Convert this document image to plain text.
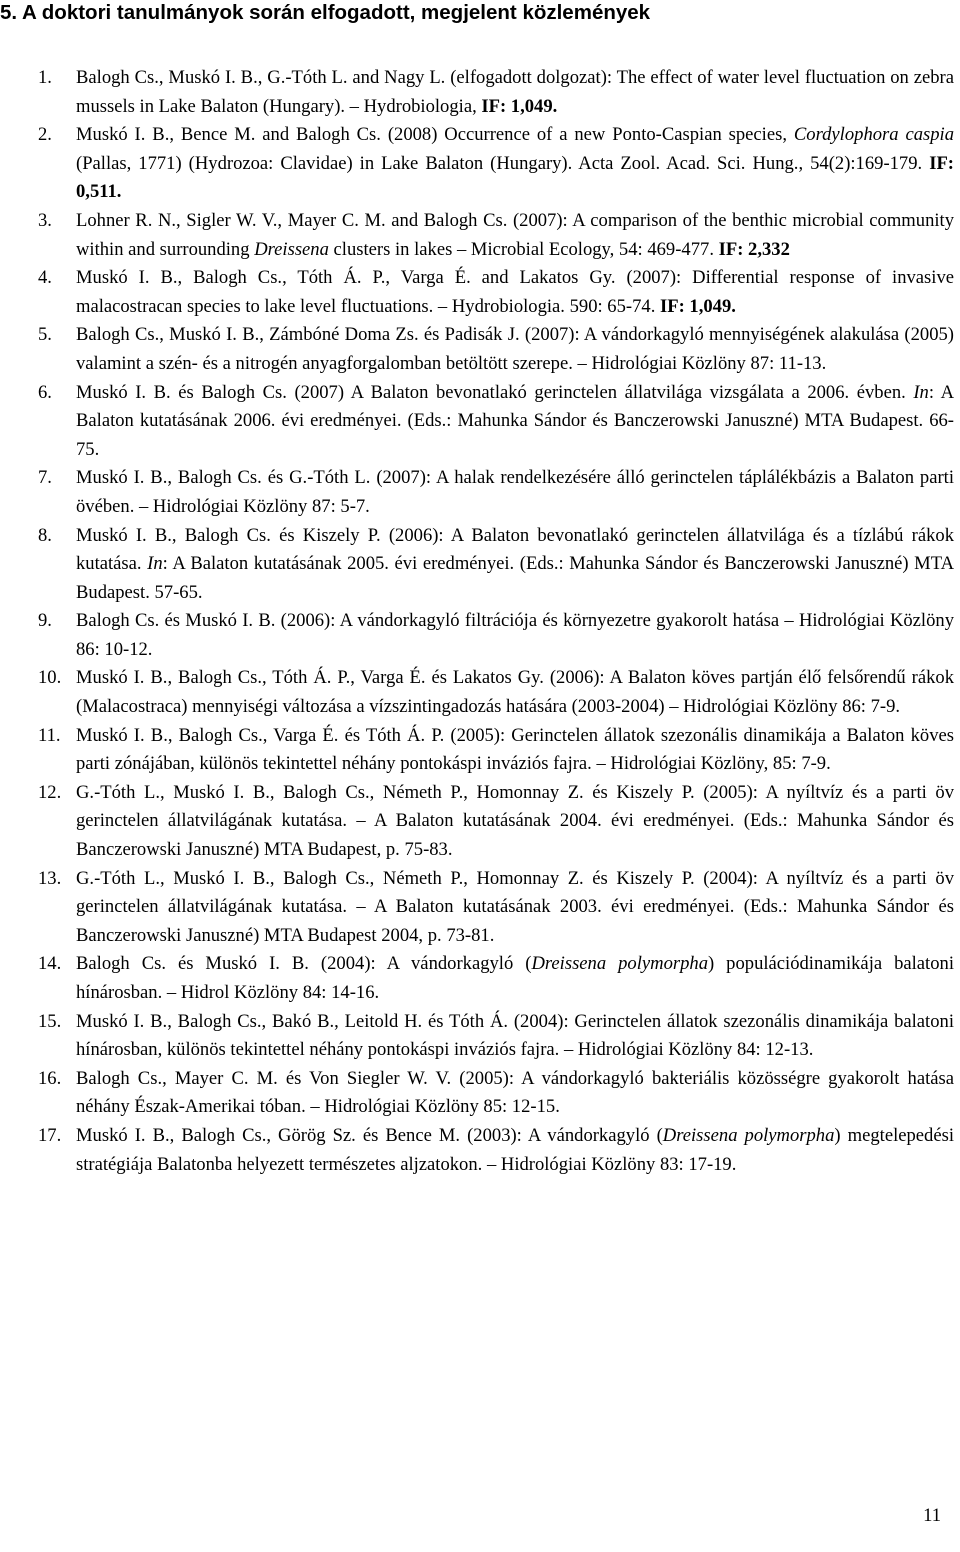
5. A doktori tanulmányok során elfogadott, megjelent közlemények
1. Balogh Cs., Muskó I. B., G.-Tóth L. and Nagy L. (elfogadott dolgozat): The effect of water level fluctuation on zebra mussels in Lake Balaton (Hungary). – Hydrobiologia, IF: 1,049.
2. Muskó I. B., Bence M. and Balogh Cs. (2008) Occurrence of a new Ponto-Caspian species, Cordylophora caspia (Pallas, 1771) (Hydrozoa: Clavidae) in Lake Balaton (Hungary). Acta Zool. Acad. Sci. Hung., 54(2):169-179. IF: 0,511.
3. Lohner R. N., Sigler W. V., Mayer C. M. and Balogh Cs. (2007): A comparison of the benthic microbial community within and surrounding Dreissena clusters in lakes – Microbial Ecology, 54: 469-477. IF: 2,332
4. Muskó I. B., Balogh Cs., Tóth Á. P., Varga É. and Lakatos Gy. (2007): Differential response of invasive malacostracan species to lake level fluctuations. – Hydrobiologia. 590: 65-74. IF: 1,049.
5. Balogh Cs., Muskó I. B., Zámbóné Doma Zs. és Padisák J. (2007): A vándorkagyló mennyiségének alakulása (2005) valamint a szén- és a nitrogén anyagforgalomban betöltött szerepe. – Hidrológiai Közlöny 87: 11-13.
6. Muskó I. B. és Balogh Cs. (2007) A Balaton bevonatlakó gerinctelen állatvilága vizsgálata a 2006. évben. In: A Balaton kutatásának 2006. évi eredményei. (Eds.: Mahunka Sándor és Banczerowski Januszné) MTA Budapest. 66-75.
7. Muskó I. B., Balogh Cs. és G.-Tóth L. (2007): A halak rendelkezésére álló gerinctelen táplálékbázis a Balaton parti övében. – Hidrológiai Közlöny 87: 5-7.
8. Muskó I. B., Balogh Cs. és Kiszely P. (2006): A Balaton bevonatlakó gerinctelen állatvilága és a tízlábú rákok kutatása. In: A Balaton kutatásának 2005. évi eredményei. (Eds.: Mahunka Sándor és Banczerowski Januszné) MTA Budapest. 57-65.
9. Balogh Cs. és Muskó I. B. (2006): A vándorkagyló filtrációja és környezetre gyakorolt hatása – Hidrológiai Közlöny 86: 10-12.
10. Muskó I. B., Balogh Cs., Tóth Á. P., Varga É. és Lakatos Gy. (2006): A Balaton köves partján élő felsőrendű rákok (Malacostraca) mennyiségi változása a vízszintingadozás hatására (2003-2004) – Hidrológiai Közlöny 86: 7-9.
11. Muskó I. B., Balogh Cs., Varga É. és Tóth Á. P. (2005): Gerinctelen állatok szezonális dinamikája a Balaton köves parti zónájában, különös tekintettel néhány pontokáspi inváziós fajra. – Hidrológiai Közlöny, 85: 7-9.
12. G.-Tóth L., Muskó I. B., Balogh Cs., Németh P., Homonnay Z. és Kiszely P. (2005): A nyíltvíz és a parti öv gerinctelen állatvilágának kutatása. – A Balaton kutatásának 2004. évi eredményei. (Eds.: Mahunka Sándor és Banczerowski Januszné) MTA Budapest, p. 75-83.
13. G.-Tóth L., Muskó I. B., Balogh Cs., Németh P., Homonnay Z. és Kiszely P. (2004): A nyíltvíz és a parti öv gerinctelen állatvilágának kutatása. – A Balaton kutatásának 2003. évi eredményei. (Eds.: Mahunka Sándor és Banczerowski Januszné) MTA Budapest 2004, p. 73-81.
14. Balogh Cs. és Muskó I. B. (2004): A vándorkagyló (Dreissena polymorpha) populációdinamikája balatoni hínárosban. – Hidrol Közlöny 84: 14-16.
15. Muskó I. B., Balogh Cs., Bakó B., Leitold H. és Tóth Á. (2004): Gerinctelen állatok szezonális dinamikája balatoni hínárosban, különös tekintettel néhány pontokáspi inváziós fajra. – Hidrológiai Közlöny 84: 12-13.
16. Balogh Cs., Mayer C. M. és Von Siegler W. V. (2005): A vándorkagyló bakteriális közösségre gyakorolt hatása néhány Észak-Amerikai tóban. – Hidrológiai Közlöny 85: 12-15.
17. Muskó I. B., Balogh Cs., Görög Sz. és Bence M. (2003): A vándorkagyló (Dreissena polymorpha) megtelepedési stratégiája Balatonba helyezett természetes aljzatokon. – Hidrológiai Közlöny 83: 17-19.
11
